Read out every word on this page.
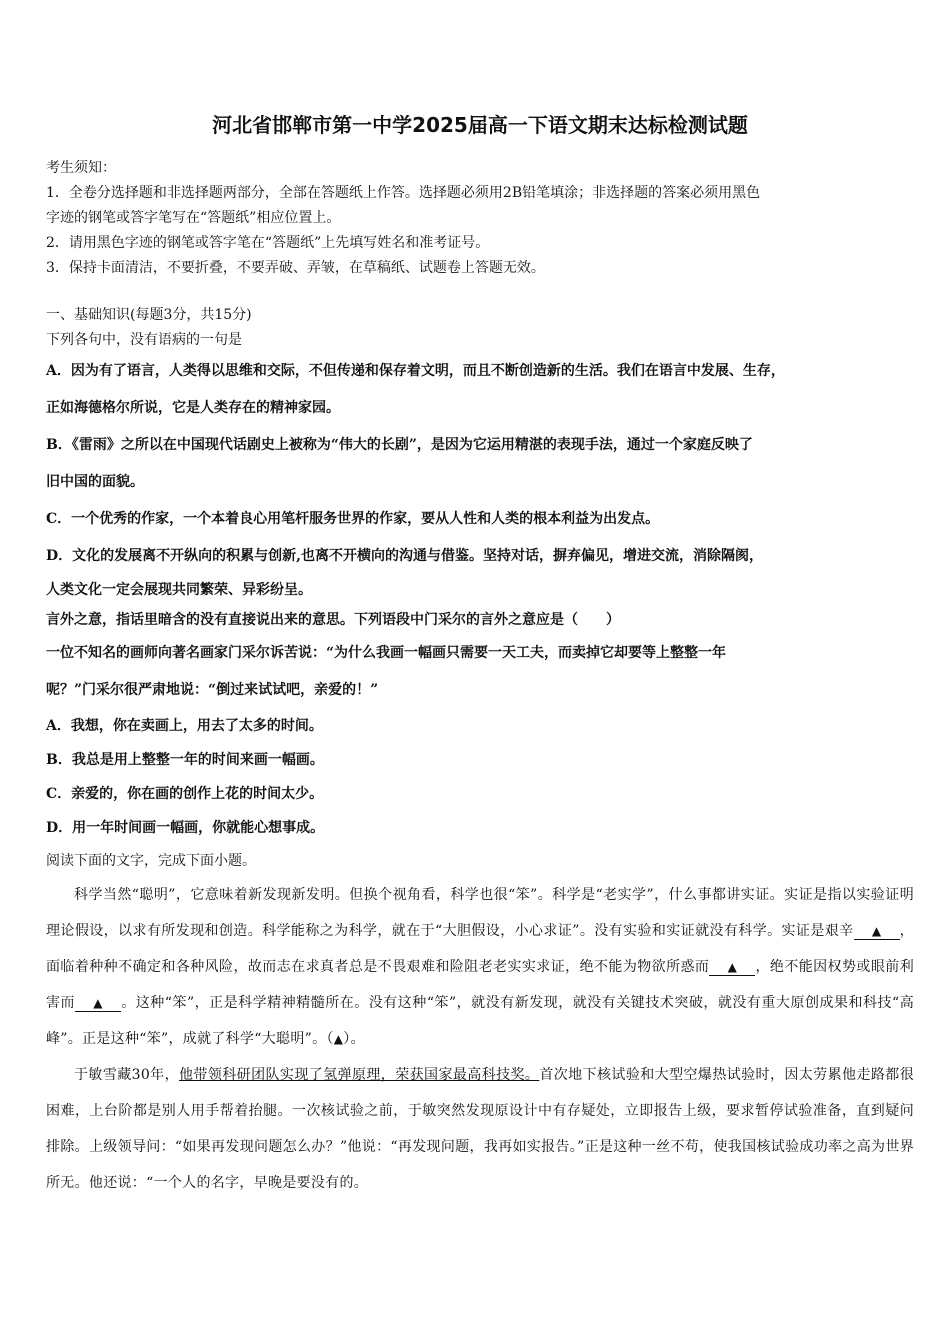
河北省邯郸市第一中学2025届高一下语文期末达标检测试题

考生须知：

1．全卷分选择题和非选择题两部分，全部在答题纸上作答。选择题必须用2B铅笔填涂；非选择题的答案必须用黑色

字迹的钢笔或答字笔写在“答题纸”相应位置上。

2．请用黑色字迹的钢笔或答字笔在“答题纸”上先填写姓名和准考证号。

3．保持卡面清洁，不要折叠，不要弄破、弄皱，在草稿纸、试题卷上答题无效。

一、基础知识(每题3分，共15分)

下列各句中，没有语病的一句是

A．因为有了语言，人类得以思维和交际，不但传递和保存着文明，而且不断创造新的生活。我们在语言中发展、生存，

正如海德格尔所说，它是人类存在的精神家园。

B．《雷雨》之所以在中国现代话剧史上被称为“伟大的长剧”，是因为它运用精湛的表现手法，通过一个家庭反映了

旧中国的面貌。

C．一个优秀的作家，一个本着良心用笔杆服务世界的作家，要从人性和人类的根本利益为出发点。

D．文化的发展离不开纵向的积累与创新,也离不开横向的沟通与借鉴。坚持对话，摒弃偏见，增进交流，消除隔阂，

人类文化一定会展现共同繁荣、异彩纷呈。

言外之意，指话里暗含的没有直接说出来的意思。下列语段中门采尔的言外之意应是（　　）

一位不知名的画师向著名画家门采尔诉苦说：“为什么我画一幅画只需要一天工夫，而卖掉它却要等上整整一年

呢？”门采尔很严肃地说：“倒过来试试吧，亲爱的！”

A．我想，你在卖画上，用去了太多的时间。

B．我总是用上整整一年的时间来画一幅画。

C．亲爱的，你在画的创作上花的时间太少。

D．用一年时间画一幅画，你就能心想事成。

阅读下面的文字，完成下面小题。

科学当然“聪明”，它意味着新发现新发明。但换个视角看，科学也很“笨”。科学是“老实学”，什么事都讲实证。实证是指以实验证明理论假设，以求有所发现和创造。科学能称之为科学，就在于“大胆假设，小心求证”。没有实验和实证就没有科学。实证是艰辛 ▲ ，面临着种种不确定和各种风险，故而志在求真者总是不畏艰难和险阻老老实实求证，绝不能为物欲所惑而 ▲ ，绝不能因权势或眼前利害而 ▲ 。这种“笨”，正是科学精神精髓所在。没有这种“笨”，就没有新发现，就没有关键技术突破，就没有重大原创成果和科技“高峰”。正是这种“笨”，成就了科学“大聪明”。（▲）。

于敏雪藏30年，他带领科研团队实现了氢弹原理，荣获国家最高科技奖。首次地下核试验和大型空爆热试验时，因太劳累他走路都很困难，上台阶都是别人用手帮着抬腿。一次核试验之前，于敏突然发现原设计中有存疑处，立即报告上级，要求暂停试验准备，直到疑问排除。上级领导问：“如果再发现问题怎么办？”他说：“再发现问题，我再如实报告。”正是这种一丝不苟，使我国核试验成功率之高为世界所无。他还说：“一个人的名字，早晚是要没有的。
